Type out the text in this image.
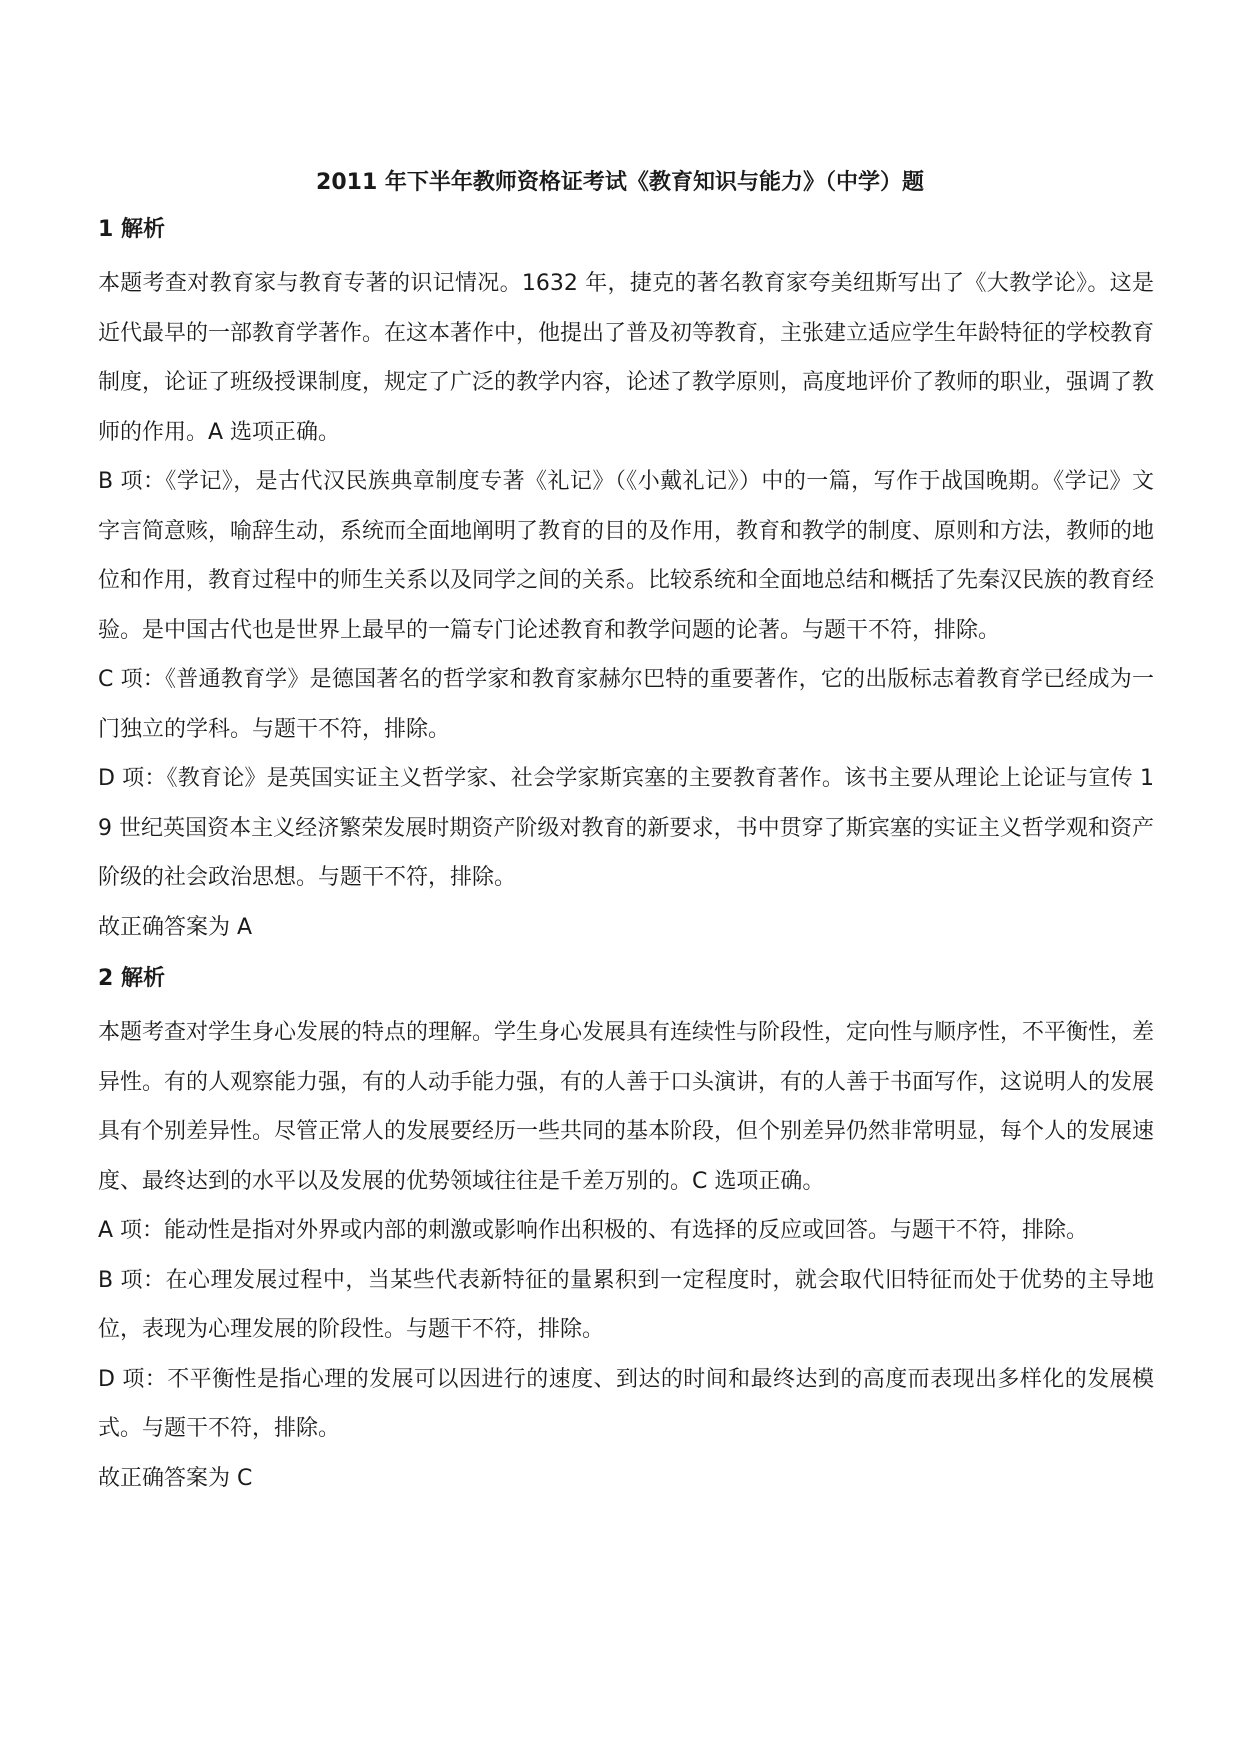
2011 年下半年教师资格证考试《教育知识与能力》（中学）题
1 解析

本题考查对教育家与教育专著的识记情况。1632 年，捷克的著名教育家夸美纽斯写出了《大教学论》。这是近代最早的一部教育学著作。在这本著作中，他提出了普及初等教育，主张建立适应学生年龄特征的学校教育制度，论证了班级授课制度，规定了广泛的教学内容，论述了教学原则，高度地评价了教师的职业，强调了教师的作用。A 选项正确。

B 项：《学记》，是古代汉民族典章制度专著《礼记》（《小戴礼记》）中的一篇，写作于战国晚期。《学记》文字言简意赅，喻辞生动，系统而全面地阐明了教育的目的及作用，教育和教学的制度、原则和方法，教师的地位和作用，教育过程中的师生关系以及同学之间的关系。比较系统和全面地总结和概括了先秦汉民族的教育经验。是中国古代也是世界上最早的一篇专门论述教育和教学问题的论著。与题干不符，排除。

C 项：《普通教育学》是德国著名的哲学家和教育家赫尔巴特的重要著作，它的出版标志着教育学已经成为一门独立的学科。与题干不符，排除。

D 项：《教育论》是英国实证主义哲学家、社会学家斯宾塞的主要教育著作。该书主要从理论上论证与宣传 19 世纪英国资本主义经济繁荣发展时期资产阶级对教育的新要求，书中贯穿了斯宾塞的实证主义哲学观和资产阶级的社会政治思想。与题干不符，排除。

故正确答案为 A

2 解析

本题考查对学生身心发展的特点的理解。学生身心发展具有连续性与阶段性，定向性与顺序性，不平衡性，差异性。有的人观察能力强，有的人动手能力强，有的人善于口头演讲，有的人善于书面写作，这说明人的发展具有个别差异性。尽管正常人的发展要经历一些共同的基本阶段，但个别差异仍然非常明显，每个人的发展速度、最终达到的水平以及发展的优势领域往往是千差万别的。C 选项正确。

A 项：能动性是指对外界或内部的刺激或影响作出积极的、有选择的反应或回答。与题干不符，排除。

B 项：在心理发展过程中，当某些代表新特征的量累积到一定程度时，就会取代旧特征而处于优势的主导地位，表现为心理发展的阶段性。与题干不符，排除。

D 项：不平衡性是指心理的发展可以因进行的速度、到达的时间和最终达到的高度而表现出多样化的发展模式。与题干不符，排除。

故正确答案为 C
